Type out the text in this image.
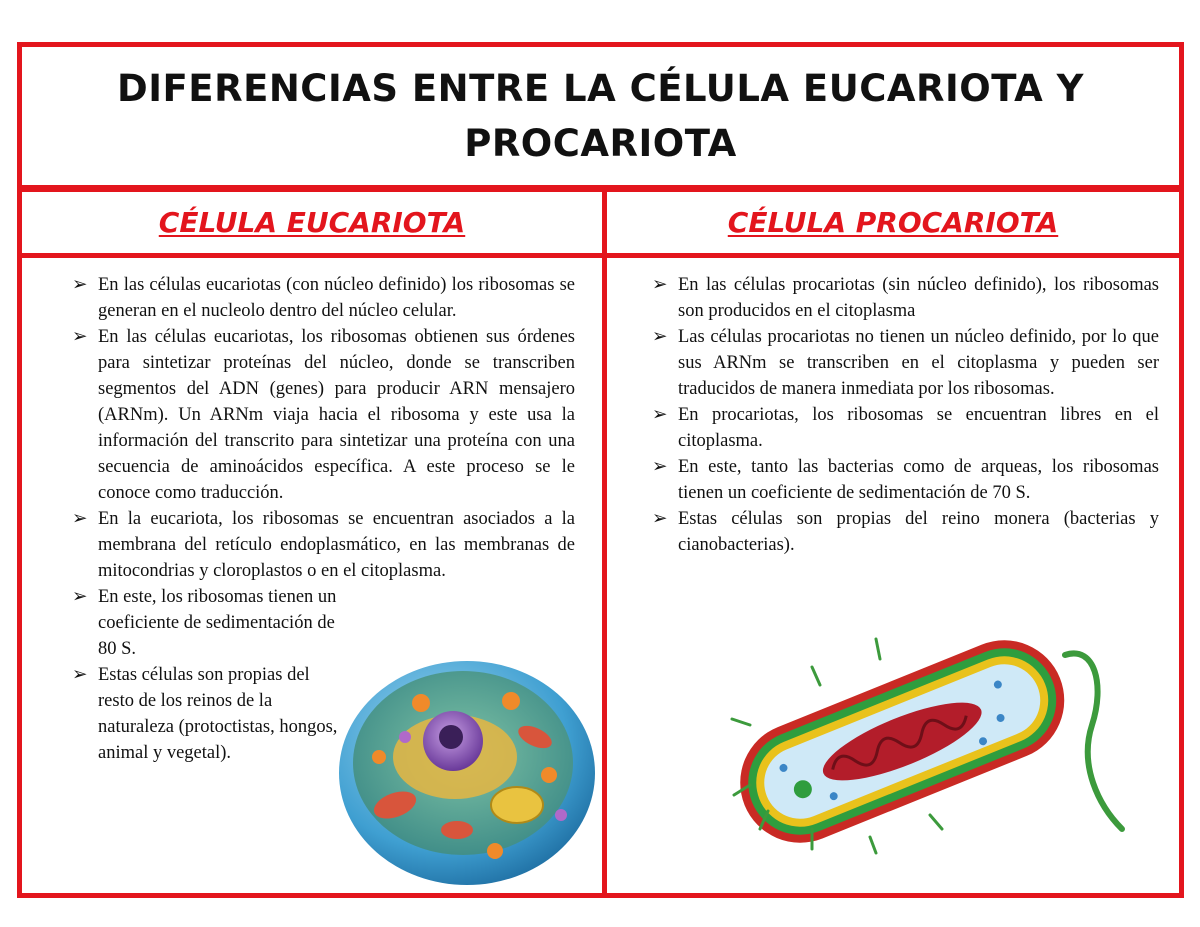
DIFERENCIAS ENTRE LA CÉLULA EUCARIOTA Y PROCARIOTA
CÉLULA EUCARIOTA	CÉLULA PROCARIOTA
➢ En las células eucariotas (con núcleo definido) los ribosomas se generan en el nucleolo dentro del núcleo celular.
➢ En las células eucariotas, los ribosomas obtienen sus órdenes para sintetizar proteínas del núcleo, donde se transcriben segmentos del ADN (genes) para producir ARN mensajero (ARNm). Un ARNm viaja hacia el ribosoma y este usa la información del transcrito para sintetizar una proteína con una secuencia de aminoácidos específica. A este proceso se le conoce como traducción.
➢ En la eucariota, los ribosomas se encuentran asociados a la membrana del retículo endoplasmático, en las membranas de mitocondrias y cloroplastos o en el citoplasma.
➢ En este, los ribosomas tienen un coeficiente de sedimentación de 80 S.
➢ Estas células son propias del resto de los reinos de la naturaleza (protoctistas, hongos, animal y vegetal).
➢ En las células procariotas (sin núcleo definido), los ribosomas son producidos en el citoplasma
➢ Las células procariotas no tienen un núcleo definido, por lo que sus ARNm se transcriben en el citoplasma y pueden ser traducidos de manera inmediata por los ribosomas.
➢ En procariotas, los ribosomas se encuentran libres en el citoplasma.
➢ En este, tanto las bacterias como de arqueas, los ribosomas tienen un coeficiente de sedimentación de 70 S.
➢ Estas células son propias del reino monera (bacterias y cianobacterias).
